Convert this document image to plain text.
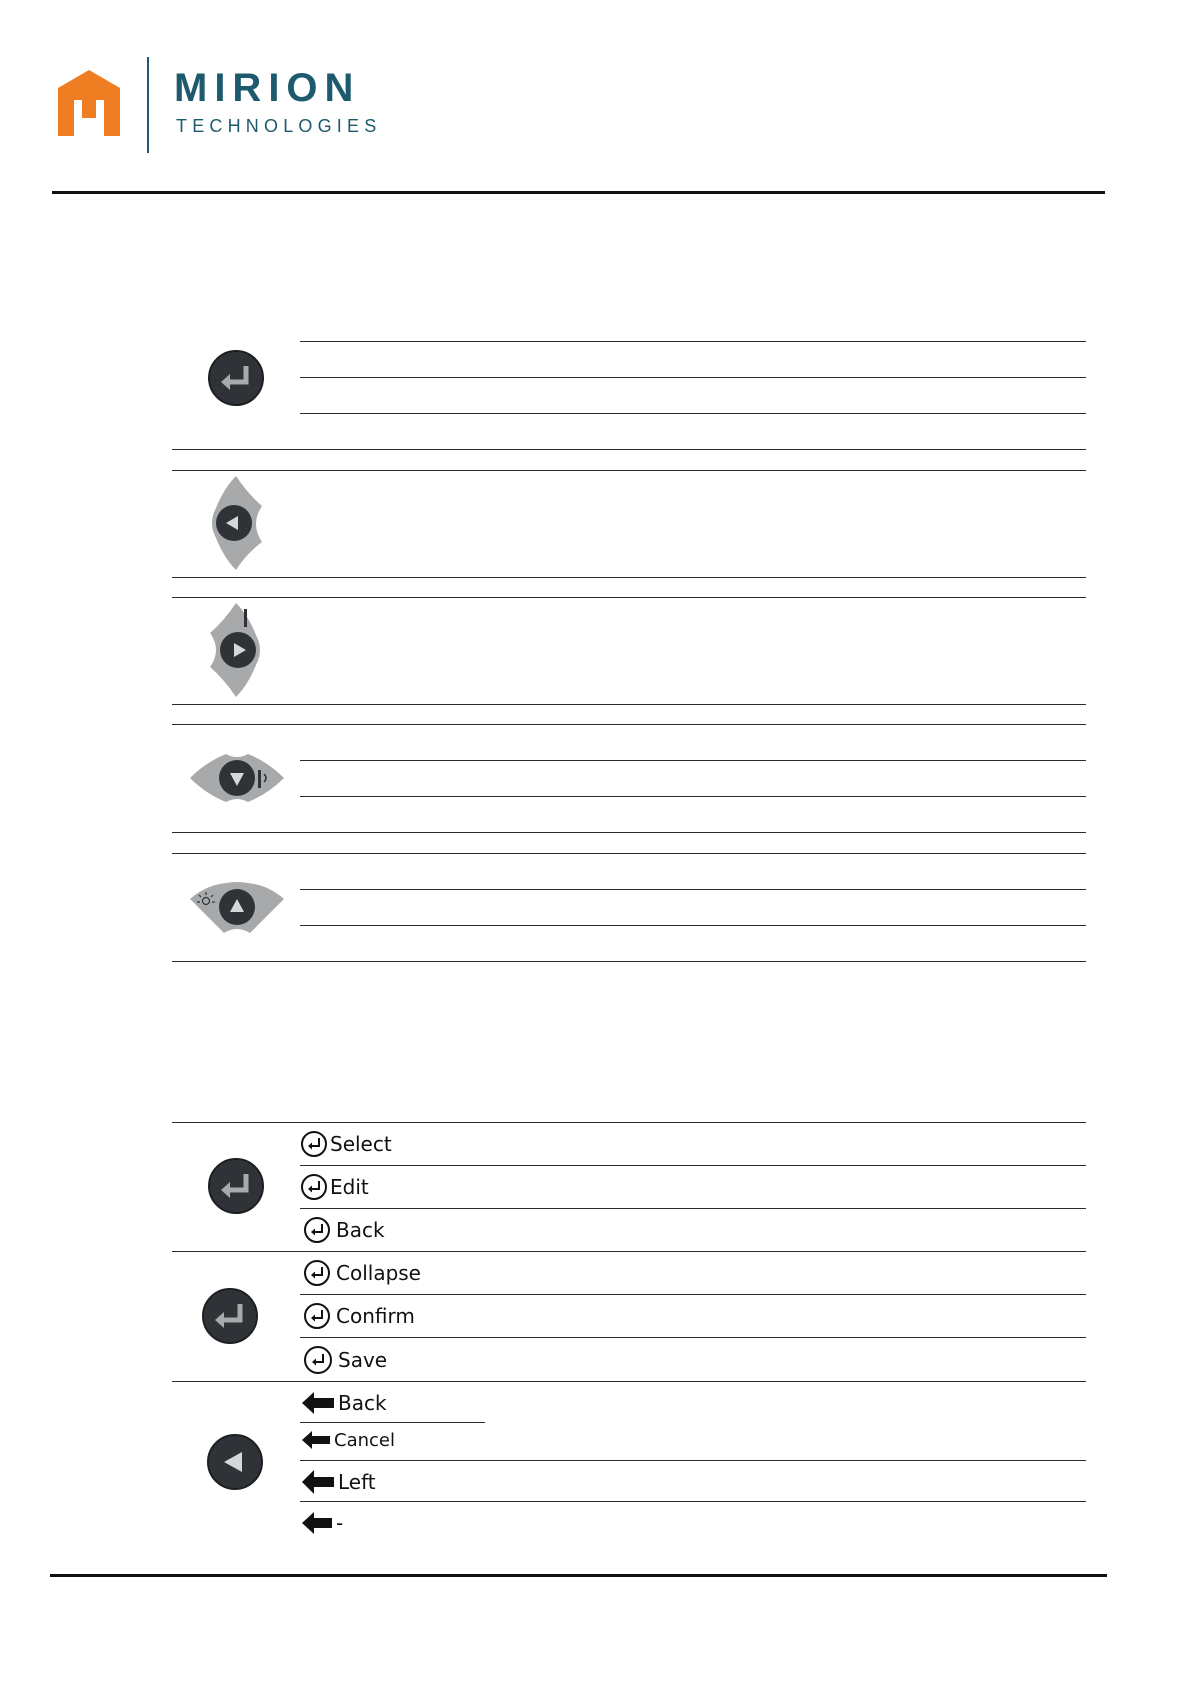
MIRION
TECHNOLOGIES
Select
Edit
Back
Collapse
Confirm
Save
Back
Cancel
Left
-
